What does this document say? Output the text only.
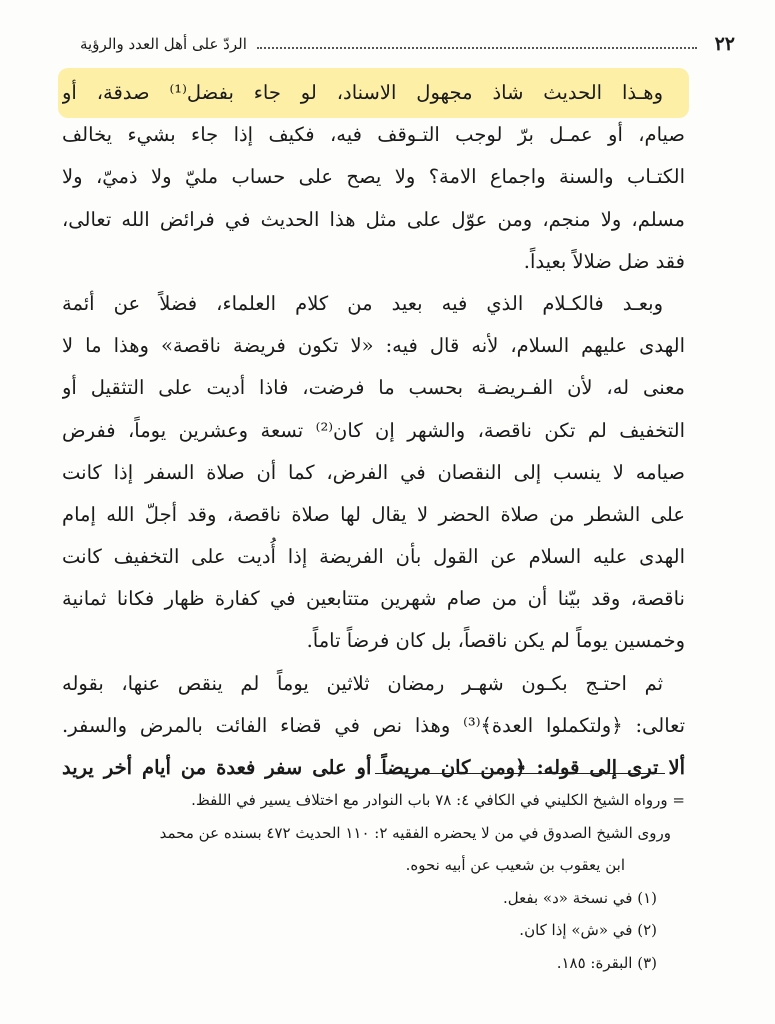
٢٢
الردّ على أهل العدد والرؤية
وهـذا الحديث شاذ مجهول الاسناد، لو جاء بفضل⁽¹⁾ صدقة، أو
صيام، أو عمـل برّ لوجب التـوقف فيه، فكيف إذا جاء بشيء يخالف
الكتـاب والسنة واجماع الامة؟ ولا يصح على حساب مليّ ولا ذميّ، ولا
مسلم، ولا منجم، ومن عوّل على مثل هذا الحديث في فرائض الله تعالى،
فقد ضل ضلالاً بعيداً.
وبعـد فالكـلام الذي فيه بعيد من كلام العلماء، فضلاً عن أئمة
الهدى عليهم السلام، لأنه قال فيه: «لا تكون فريضة ناقصة» وهذا ما لا
معنى له، لأن الفـريضـة بحسب ما فرضت، فاذا أديت على التثقيل أو
التخفيف لم تكن ناقصة، والشهر إن كان⁽²⁾ تسعة وعشرين يوماً، ففرض
صيامه لا ينسب إلى النقصان في الفرض، كما أن صلاة السفر إذا كانت
على الشطر من صلاة الحضر لا يقال لها صلاة ناقصة، وقد أجلّ الله إمام
الهدى عليه السلام عن القول بأن الفريضة إذا أُديت على التخفيف كانت
ناقصة، وقد بيّنا أن من صام شهرين متتابعين في كفارة ظهار فكانا ثمانية
وخمسين يوماً لم يكن ناقصاً، بل كان فرضاً تاماً.
ثم احتـج بكـون شهـر رمضان ثلاثين يوماً لم ينقص عنها، بقوله
تعالى: ﴿ولتكملوا العدة﴾⁽³⁾ وهذا نص في قضاء الفائت بالمرض والسفر.
ألا ترى إلى قوله: ﴿ومن كان مريضاً أو على سفر فعدة من أيام أخر يريد
= ورواه الشيخ الكليني في الكافي ٤: ٧٨ باب النوادر مع اختلاف يسير في اللفظ.
وروى الشيخ الصدوق في من لا يحضره الفقيه ٢: ١١٠ الحديث ٤٧٢ بسنده عن محمد
ابن يعقوب بن شعيب عن أبيه نحوه.
(١) في نسخة «د» بفعل.
(٢) في «ش» إذا كان.
(٣) البقرة: ١٨٥.
